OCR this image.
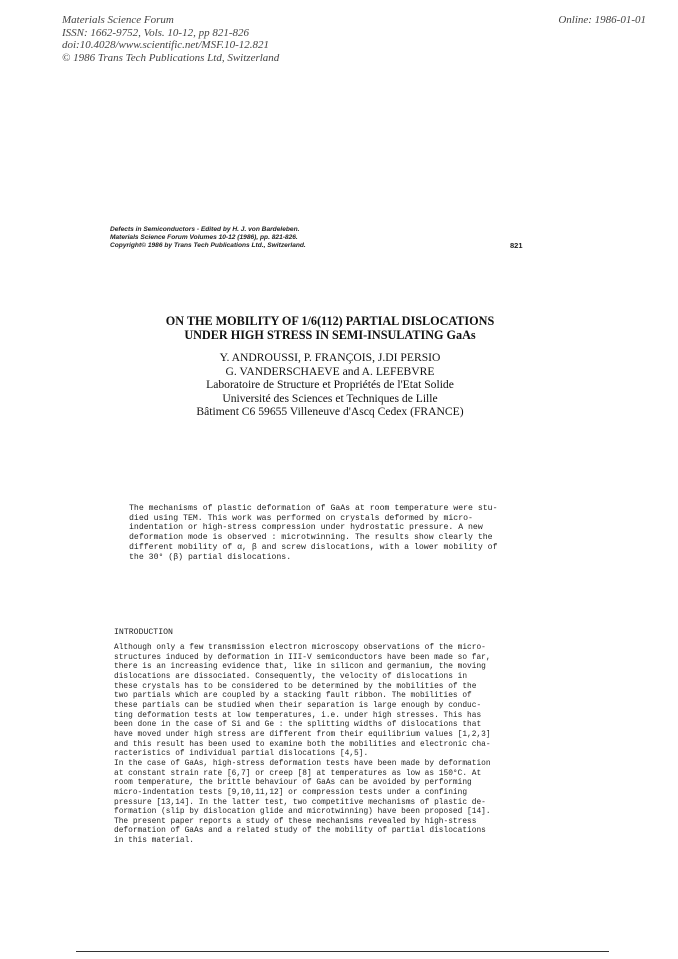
Materials Science Forum
ISSN: 1662-9752, Vols. 10-12, pp 821-826
doi:10.4028/www.scientific.net/MSF.10-12.821
© 1986 Trans Tech Publications Ltd, Switzerland
Online: 1986-01-01
Defects in Semiconductors - Edited by H. J. von Bardeleben.
Materials Science Forum Volumes 10-12 (1986), pp. 821-826.
Copyright© 1986 by Trans Tech Publications Ltd., Switzerland.	821
ON THE MOBILITY OF 1/6(112) PARTIAL DISLOCATIONS
UNDER HIGH STRESS IN SEMI-INSULATING GaAs
Y. ANDROUSSI, P. FRANÇOIS, J.DI PERSIO
G. VANDERSCHAEVE and A. LEFEBVRE
Laboratoire de Structure et Propriétés de l'Etat Solide
Université des Sciences et Techniques de Lille
Bâtiment C6 59655 Villeneuve d'Ascq Cedex (FRANCE)
The mechanisms of plastic deformation of GaAs at room temperature were stu-
died using TEM. This work was performed on crystals deformed by micro-
indentation or high-stress compression under hydrostatic pressure. A new
deformation mode is observed : microtwinning. The results show clearly the
different mobility of α, β and screw dislocations, with a lower mobility of
the 30° (β) partial dislocations.
INTRODUCTION
Although only a few transmission electron microscopy observations of the micro-
structures induced by deformation in III-V semiconductors have been made so far,
there is an increasing evidence that, like in silicon and germanium, the moving
dislocations are dissociated. Consequently, the velocity of dislocations in
these crystals has to be considered to be determined by the mobilities of the
two partials which are coupled by a stacking fault ribbon. The mobilities of
these partials can be studied when their separation is large enough by conduc-
ting deformation tests at low temperatures, i.e. under high stresses. This has
been done in the case of Si and Ge : the splitting widths of dislocations that
have moved under high stress are different from their equilibrium values [1,2,3]
and this result has been used to examine both the mobilities and electronic cha-
racteristics of individual partial dislocations [4,5].
In the case of GaAs, high-stress deformation tests have been made by deformation
at constant strain rate [6,7] or creep [8] at temperatures as low as 150°C. At
room temperature, the brittle behaviour of GaAs can be avoided by performing
micro-indentation tests [9,10,11,12] or compression tests under a confining
pressure [13,14]. In the latter test, two competitive mechanisms of plastic de-
formation (slip by dislocation glide and microtwinning) have been proposed [14].
The present paper reports a study of these mechanisms revealed by high-stress
deformation of GaAs and a related study of the mobility of partial dislocations
in this material.
